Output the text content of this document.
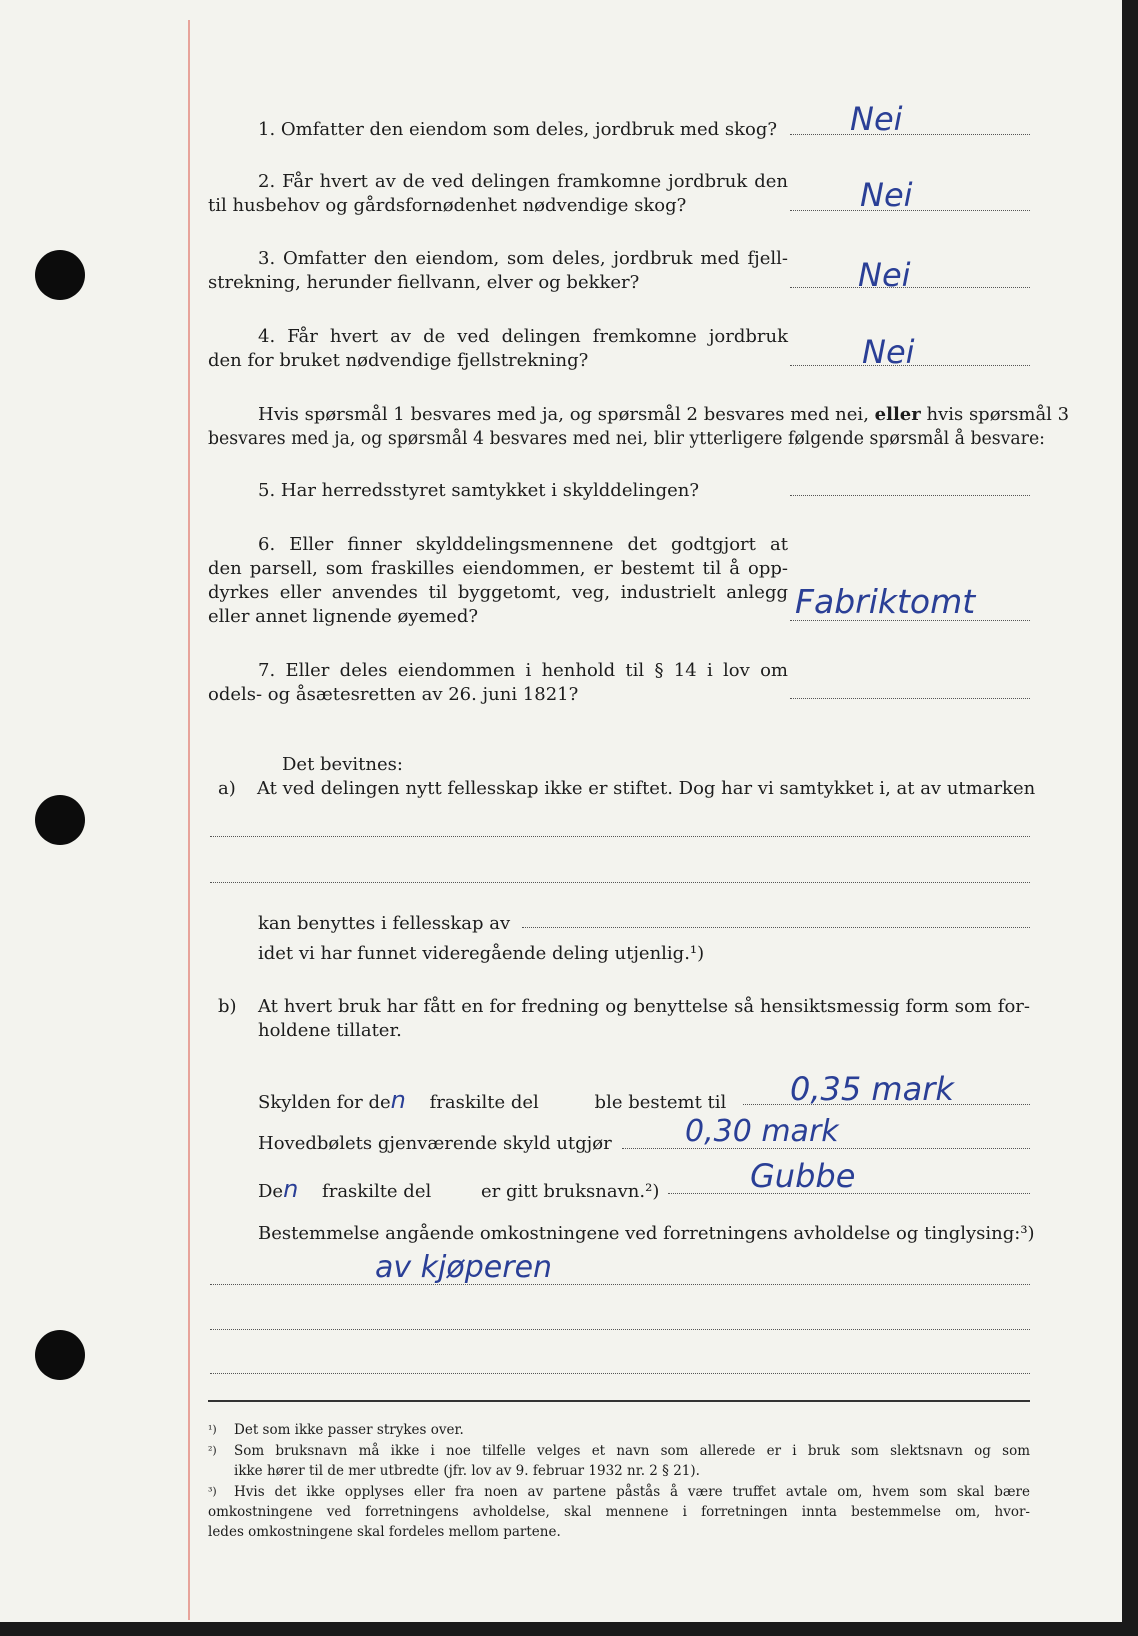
1. Omfatter den eiendom som deles, jordbruk med skog? Nei
2. Får hvert av de ved delingen framkomne jordbruk den
til husbehov og gårdsfornødenhet nødvendige skog?	Nei
3. Omfatter den eiendom, som deles, jordbruk med fjell-
strekning, herunder fiellvann, elver og bekker?	Nei
4. Får hvert av de ved delingen fremkomne jordbruk
den for bruket nødvendige fjellstrekning?	Nei
Hvis spørsmål 1 besvares med ja, og spørsmål 2 besvares med nei, eller hvis spørsmål 3
besvares med ja, og spørsmål 4 besvares med nei, blir ytterligere følgende spørsmål å besvare:
5. Har herredsstyret samtykket i skylddelingen?
6. Eller finner skylddelingsmennene det godtgjort at
den parsell, som fraskilles eiendommen, er bestemt til å opp-
dyrkes eller anvendes til byggetomt, veg, industrielt anlegg
eller annet lignende øyemed?	Fabriktomt
7. Eller deles eiendommen i henhold til § 14 i lov om
odels- og åsætesretten av 26. juni 1821?
Det bevitnes:
a) At ved delingen nytt fellesskap ikke er stiftet. Dog har vi samtykket i, at av utmarken
kan benyttes i fellesskap av
idet vi har funnet videregående deling utjenlig.¹)
b) At hvert bruk har fått en for fredning og benyttelse så hensiktsmessig form som for-
holdene tillater.
Skylden for den fraskilte del	ble bestemt til 0,35 mark
Hovedbølets gjenværende skyld utgjør 0,30 mark
Den fraskilte del	er gitt bruksnavn.²)	Gubbe
Bestemmelse angående omkostningene ved forretningens avholdelse og tinglysing:³)
av kjøperen
¹) Det som ikke passer strykes over.
²) Som bruksnavn må ikke i noe tilfelle velges et navn som allerede er i bruk som slektsnavn og som
ikke hører til de mer utbredte (jfr. lov av 9. februar 1932 nr. 2 § 21).
³) Hvis det ikke opplyses eller fra noen av partene påstås å være truffet avtale om, hvem som skal bære
omkostningene ved forretningens avholdelse, skal mennene i forretningen innta bestemmelse om, hvor-
ledes omkostningene skal fordeles mellom partene.
